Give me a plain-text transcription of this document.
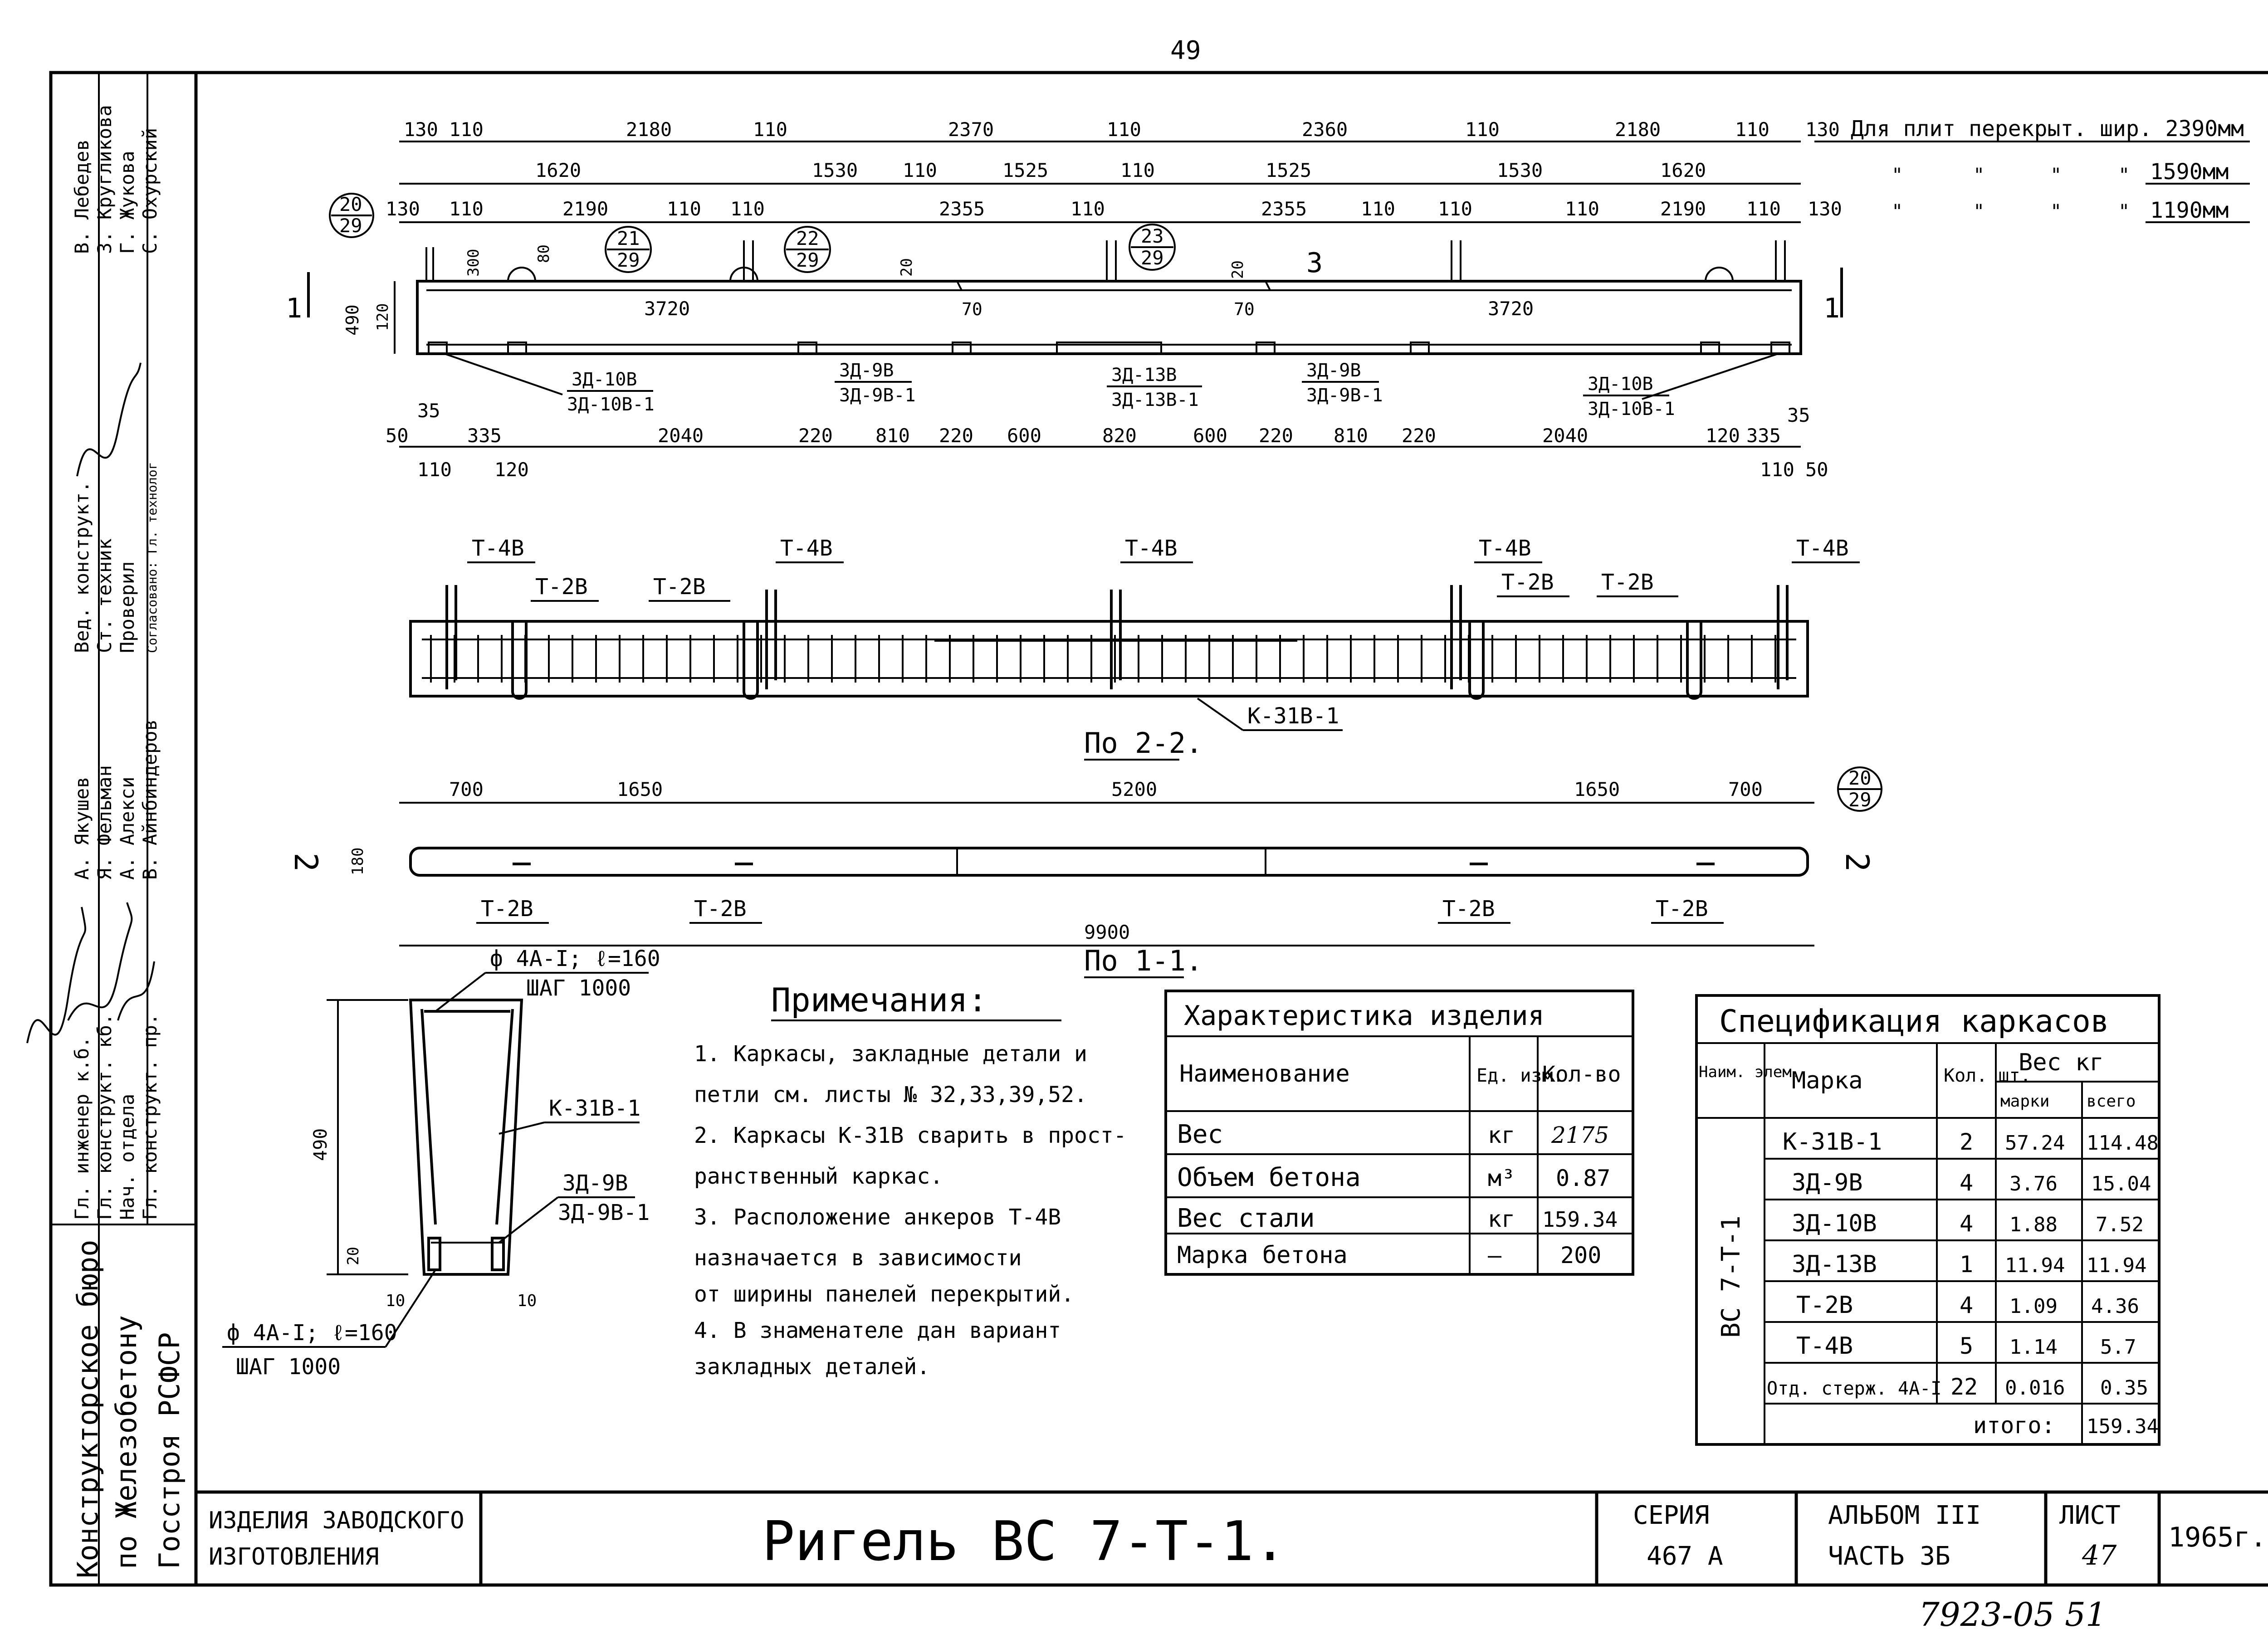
49
ИЗДЕЛИЯ ЗАВОДСКОГО
ИЗГОТОВЛЕНИЯ	Ригель ВС 7-Т-1.	СЕРИЯ
467 А
АЛЬБОМ III
ЧАСТЬ 3Б
ЛИСТ
47
1965г.
7923-05 51
Конструкторское бюро по Железобетону Госстроя РСФСР
Гл. инженер к.б. Гл. конструкт. кб. Нач. отдела Гл. конструкт. пр.
Вед. конструкт. Ст. техник Проверил Согласовано: Гл. технолог
А. Якушев Я. Фельман А. Алекси В. Айнбиндеров
В. Лебедев З. Кругликова Г. Жукова С. Охурский	130 110	2180	110	2370	110	2360	110	2180	110 130 Для плит перекрыт. шир. 2390мм
1620	1530 110	1525	110	1525	1530	1620	"	"	"	" 1590мм
130 110	2190	110 110	2355	110	2355	110 110	110	2190 110 130	"	"	"	" 1190мм
20
29
21
29
22
29
23
29
490 120
300	80
20	20
3720	3720
70	70
1	1
3
3Д-10В
3Д-10В-1
3Д-9В
3Д-9В-1
3Д-13В
3Д-13В-1
3Д-9В
3Д-9В-1
3Д-10В
3Д-10В-1
50
35
335	2040	220 810 220 600	820	600 220 810 220	2040	120 335
35
110 120	110 50
Т-4В
Т-2В	Т-2В
Т-4В	Т-4В	Т-4В
Т-2В Т-2В
Т-4В
К-31В-1
По 2-2.
700	1650	5200	1650	700
180
2	2
20
29
Т-2В	Т-2В	Т-2В	Т-2В
9900
По 1-1.
490
20
10	10
ф 4А-I; ℓ=160
ШАГ 1000
К-31В-1
3Д-9В
3Д-9В-1
ф 4А-I; ℓ=160
ШАГ 1000
Примечания:
1. Каркасы, закладные детали и
петли см. листы № 32,33,39,52.
2. Каркасы К-31В сварить в прост-
ранственный каркас.
3. Расположение анкеров Т-4В
назначается в зависимости
от ширины панелей перекрытий.
4. В знаменателе дан вариант
закладных деталей.
Характеристика изделия
Наименование	Ед. изм.
Кол-во
Вес	кг 2175
Объем бетона	м³ 0.87
Вес стали	кг 159.34
Марка бетона	—	200
Спецификация каркасов
Наим. элем.
Марка	Кол. шт.
Вес кг
марки всего
ВС 7-Т-1
К-31В-1	2 57.24 114.48
3Д-9В	4 3.76 15.04
3Д-10В	4 1.88 7.52
3Д-13В	1 11.94 11.94
Т-2В	4 1.09 4.36
Т-4В	5 1.14 5.7
Отд. стерж. 4А-I 22 0.016 0.35
итого: 159.34
